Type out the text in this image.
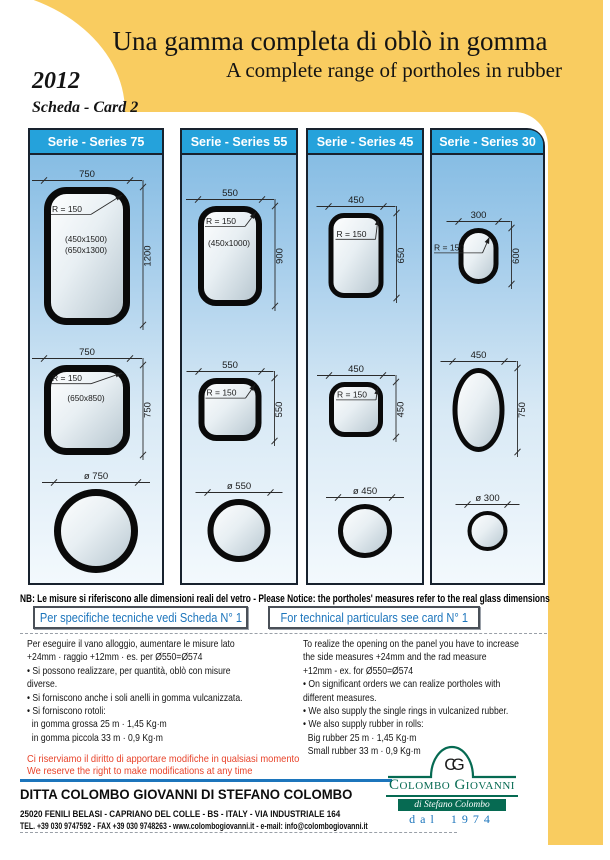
Una gamma completa di oblò in gomma
A complete range of portholes in rubber
2012
Scheda - Card 2
Serie - Series 75
750
1200
R = 150
(450x1500)
(650x1300)
750
750
R = 150
(650x850)
ø 750
Serie - Series 55
550
900
R = 150
(450x1000)
550
550
R = 150
ø 550
Serie - Series 45
450
650
R = 150
450
450
R = 150
ø 450
Serie - Series 30
300
600
R = 150
450
750
ø 300
NB: Le misure si riferiscono alle dimensioni reali del vetro - Please Notice: the portholes' measures refer to the real glass dimensions
Per specifiche tecniche vedi Scheda N° 1	For technical particulars see card N° 1
Per eseguire il vano alloggio, aumentare le misure lato
+24mm · raggio +12mm · es. per Ø550=Ø574
• Si possono realizzare, per quantità, oblò con misure
diverse.
• Si forniscono anche i soli anelli in gomma vulcanizzata.
• Si forniscono rotoli:
in gomma grossa 25 m · 1,45 Kg·m
in gomma piccola 33 m · 0,9 Kg·m
To realize the opening on the panel you have to increase
the side measures +24mm and the rad measure
+12mm - ex. for Ø550=Ø574
• On significant orders we can realize portholes with
different measures.
• We also supply the single rings in vulcanized rubber.
• We also supply rubber in rolls:
Big rubber 25 m · 1,45 Kg·m
Small rubber 33 m · 0,9 Kg·m
Ci riserviamo il diritto di apportare modifiche in qualsiasi momento
We reserve the right to make modifications at any time
DITTA COLOMBO GIOVANNI DI STEFANO COLOMBO
25020 FENILI BELASI - CAPRIANO DEL COLLE - BS - ITALY - VIA INDUSTRIALE 164
TEL. +39 030 9747592 - FAX +39 030 9748263 - www.colombogiovanni.it - e-mail: info@colombogiovanni.it
CG
Colombo Giovanni
di Stefano Colombo
dal 1974
